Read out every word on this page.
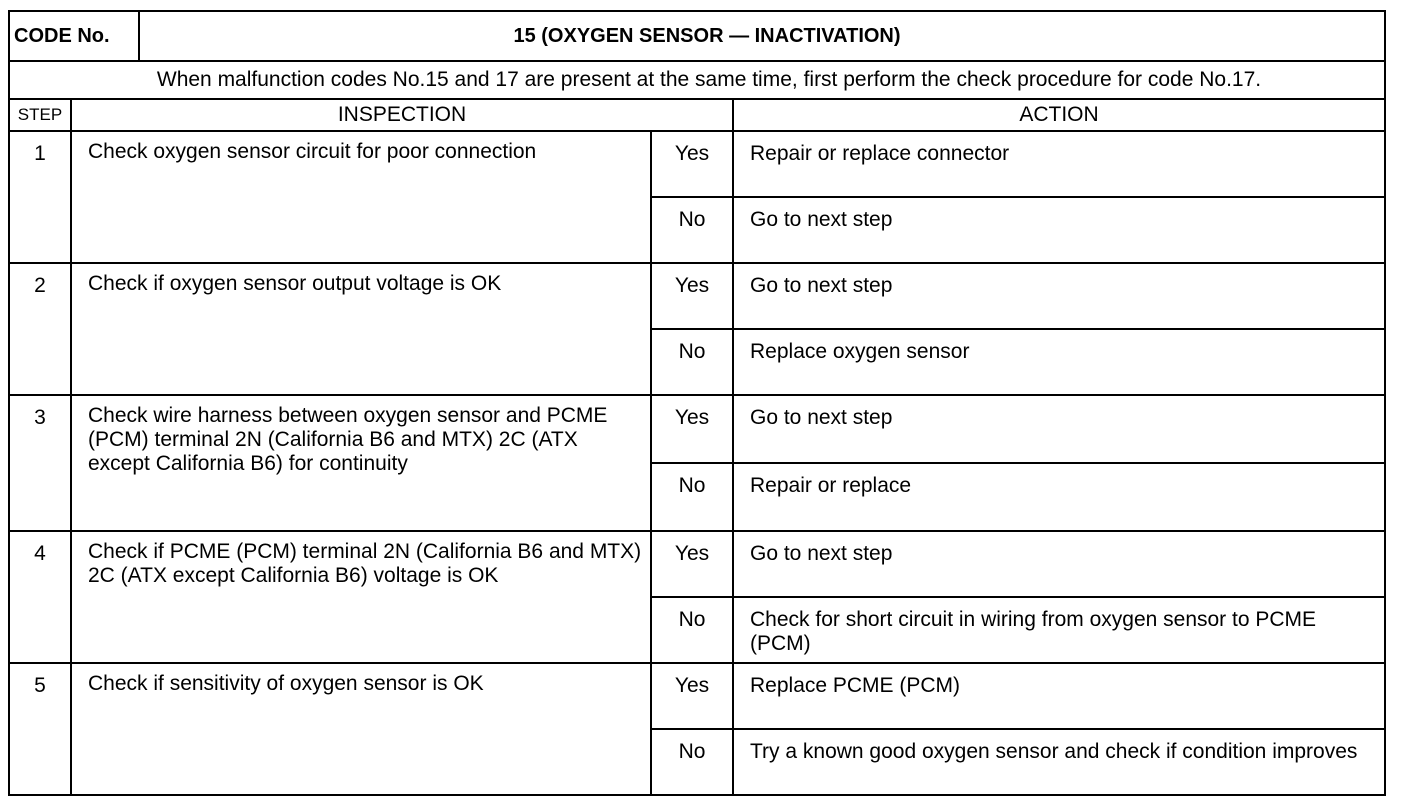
CODE No.		15 (OXYGEN SENSOR — INACTIVATION)		
When malfunction codes No.15 and 17 are present at the same time, first perform the check procedure for code No.17.				
STEP	INSPECTION			ACTION
1	Check oxygen sensor circuit for poor connection		Yes	Repair or replace connector
			No	Go to next step
2	Check if oxygen sensor output voltage is OK		Yes	Go to next step
			No	Replace oxygen sensor
3	Check wire harness between oxygen sensor and PCME (PCM) terminal 2N (California B6 and MTX) 2C (ATX except California B6) for continuity		Yes	Go to next step
			No	Repair or replace
4	Check if PCME (PCM) terminal 2N (California B6 and MTX) 2C (ATX except California B6) voltage is OK		Yes	Go to next step
			No	Check for short circuit in wiring from oxygen sensor to PCME (PCM)
5	Check if sensitivity of oxygen sensor is OK		Yes	Replace PCME (PCM)
			No	Try a known good oxygen sensor and check if condition improves
